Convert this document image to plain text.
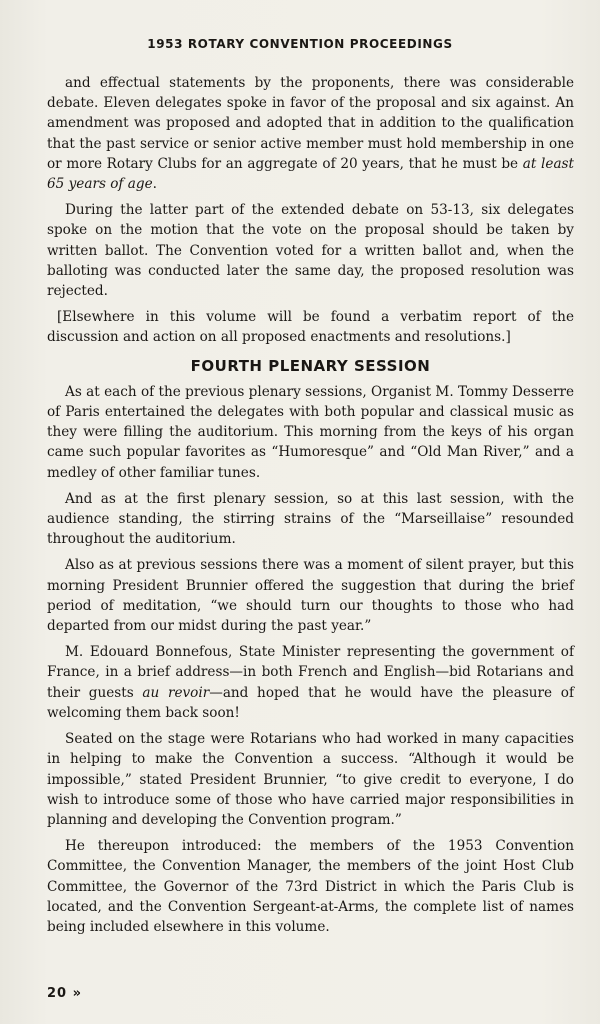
1953 ROTARY CONVENTION PROCEEDINGS

and effectual statements by the proponents, there was considerable debate. Eleven delegates spoke in favor of the proposal and six against. An amendment was proposed and adopted that in addition to the qualification that the past service or senior active member must hold membership in one or more Rotary Clubs for an aggregate of 20 years, that he must be at least 65 years of age.

During the latter part of the extended debate on 53-13, six delegates spoke on the motion that the vote on the proposal should be taken by written ballot. The Convention voted for a written ballot and, when the balloting was conducted later the same day, the proposed resolution was rejected.

[Elsewhere in this volume will be found a verbatim report of the discussion and action on all proposed enactments and resolutions.]

FOURTH PLENARY SESSION

As at each of the previous plenary sessions, Organist M. Tommy Desserre of Paris entertained the delegates with both popular and classical music as they were filling the auditorium. This morning from the keys of his organ came such popular favorites as “Humoresque” and “Old Man River,” and a medley of other familiar tunes.

And as at the first plenary session, so at this last session, with the audience standing, the stirring strains of the “Marseillaise” resounded throughout the auditorium.

Also as at previous sessions there was a moment of silent prayer, but this morning President Brunnier offered the suggestion that during the brief period of meditation, “we should turn our thoughts to those who had departed from our midst during the past year.”

M. Edouard Bonnefous, State Minister representing the government of France, in a brief address—in both French and English—bid Rotarians and their guests au revoir—and hoped that he would have the pleasure of welcoming them back soon!

Seated on the stage were Rotarians who had worked in many capacities in helping to make the Convention a success. “Although it would be impossible,” stated President Brunnier, “to give credit to everyone, I do wish to introduce some of those who have carried major responsibilities in planning and developing the Convention program.”

He thereupon introduced: the members of the 1953 Convention Committee, the Convention Manager, the members of the joint Host Club Committee, the Governor of the 73rd District in which the Paris Club is located, and the Convention Sergeant-at-Arms, the complete list of names being included elsewhere in this volume.

20 »
